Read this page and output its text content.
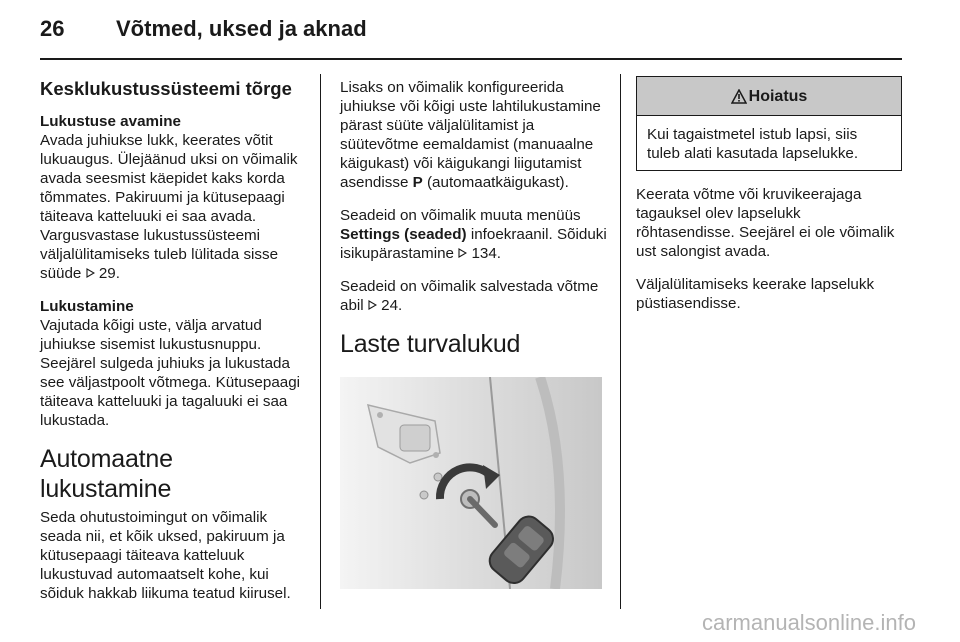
26 Võtmed, uksed ja aknad
Kesklukustussüsteemi tõrge
Lukustuse avamine

Avada juhiukse lukk, keerates võtit lukuaugus. Ülejäänud uksi on võimalik avada seesmist käepidet kaks korda tõmmates. Pakiruumi ja kütusepaagi täiteava katteluuki ei saa avada. Vargusvastase lukustussüsteemi väljalülitamiseks tuleb lülitada sisse süüde 29.

Lukustamine

Vajutada kõigi uste, välja arvatud juhiukse sisemist lukustusnuppu. Seejärel sulgeda juhiuks ja lukustada see väljastpoolt võtmega. Kütusepaagi täiteava katteluuki ja tagaluuki ei saa lukustada.

Automaatne lukustamine

Seda ohutustoimingut on võimalik seada nii, et kõik uksed, pakiruum ja kütusepaagi täiteava katteluuk lukustuvad automaatselt kohe, kui sõiduk hakkab liikuma teatud kiirusel.

Lisaks on võimalik konfigureerida juhiukse või kõigi uste lahtilukustamine pärast süüte väljalülitamist ja süütevõtme eemaldamist (manuaalne käigukast) või käigukangi liigutamist asendisse P (automaatkäigukast).

Seadeid on võimalik muuta menüüs Settings (seaded) infoekraanil. Sõiduki isikupärastamine 134.

Seadeid on võimalik salvestada võtme abil 24.

Laste turvalukud
Hoiatus
Kui tagaistmetel istub lapsi, siis tuleb alati kasutada lapselukke.

Keerata võtme või kruvikeerajaga tagauksel olev lapselukk rõhtasendisse. Seejärel ei ole võimalik ust salongist avada.

Väljalülitamiseks keerake lapselukk püstiasendisse.

carmanualsonline.info
